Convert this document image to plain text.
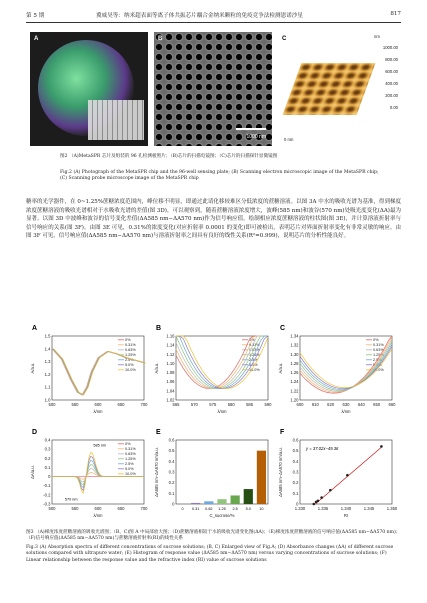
第 5 期	冀威昊等：纳米超表面等离子体共振芯片耦合金纳米颗粒的免疫竞争法检测恩诺沙星	817
A
1000 nm
B
1000.00
800.00
600.00
400.00
200.00
0.00
0 nm
nm
C
图2 （A)MetaSPR 芯片及组装的 96 孔检测板照片；（B)芯片的扫描电镜图；（C)芯片的扫描探针显微镜图
Fig.2 (A) Photograph of the MetaSPR chip and the 96-well sensing plate; (B) Scanning electron microscopic image of the MetaSPR chip; (C) Scanning probe microscope image of the MetaSPR chip
糖率的光学器件，在 0~1.25%蔗糖浓度范围内，峰位移不明显，即通过此请化移较难区分低浓度的蔗糖溶液。以图 3A 中水的吸收光谱为基准，得到梯度浓度蔗糖溶液的吸收光谱相对于水吸收光谱的差值(图 3D)，可以观察到，随着蔗糖溶液浓度增大，波峰(585 nm)和波谷(570 nm)处吸光度变化(ΔA)最为显著。以图 3D 中波峰和波谷的信号变化差值(ΔA585 nm−ΔA570 nm)作为信号响应值，绘制相应浓度蔗糖溶液的柱状图(图 3E)，并计算溶液折射率与信号响应的关系(图 3F)。由图 3E 可见，0.31%的浓度变化(对应折射率 0.0001 的变化)即可被检出，表明芯片对界面折射率变化有非常灵敏的响应。由图 3F 可见，信号响应值(ΔA585 nm−ΔA570 nm)与溶液折射率之间具有良好的线性关系(R²=0.999)，说明芯片的分析性能良好。
A
500	550	600	650	700
1.0
1.1
1.2
1.3
1.4
1.5
λ/nm
A/a.u.
0%
0.31%
0.63%
1.25%
2.5%
5.0%
10.0%
B
565	570	575	580	585	590
1.02
1.04
1.06
1.08
1.10
1.12
1.14
1.16
λ/nm
A/a.u.
0%
0.31%
0.63%
1.25%
2.5%
5.0%
10.0%
C
600 610 620 630 640 650 660
1.20
1.22
1.24
1.26
1.28
1.30
1.32
1.34
λ/nm
A/a.u.
0%
0.31%
0.63%
1.25%
2.5%
5.0%
10.0%
D
500	550	600	650	700
-0.3
-0.2
-0.1
0
0.1
0.2
0.3
0.4
λ/nm
ΔA/a.u.
0%
0.31%
0.63%
1.25%
2.5%
5.0%
10.0%
585 nm
570 nm
E
0
0.1
0.2
0.3
0.4
0.5
0.6
C_sucrose/%
ΔA585 nm−ΔA570 nm/a.u.
0 0.31 0.62 1.25 2.5 5.0 10
F
1.330	1.335	1.340	1.345	1.350
0
0.1
0.2
0.3
0.4
0.5
0.6
RI
ΔA585 nm−ΔA570 nm/a.u.	y = 37.02x−49.36
图3 （A)梯度浓度蔗糖溶液的吸收光谱图；（B、C)图 A 中局部放大图；（D)蔗糖溶液相较于水的吸收光谱变化图(ΔA)；（E)梯度浓度蔗糖溶液的信号响应值(ΔA585 nm−ΔA570 nm)；（F)信号响应值(ΔA585 nm−ΔA570 nm)与蔗糖溶液折射率(RI)的线性关系
Fig.3 (A) Absorption spectra of different concentrations of sucrose solutions; (B, C) Enlarged view of Fig.A; (D) Absorbance changes (ΔA) of different sucrose solutions compared with ultrapure water; (E) Histogram of response value (ΔA585 nm−ΔA570 nm) versus varying concentrations of sucrose solutions; (F) Linear relationship between the response value and the refractive index (RI) value of sucrose solutions
